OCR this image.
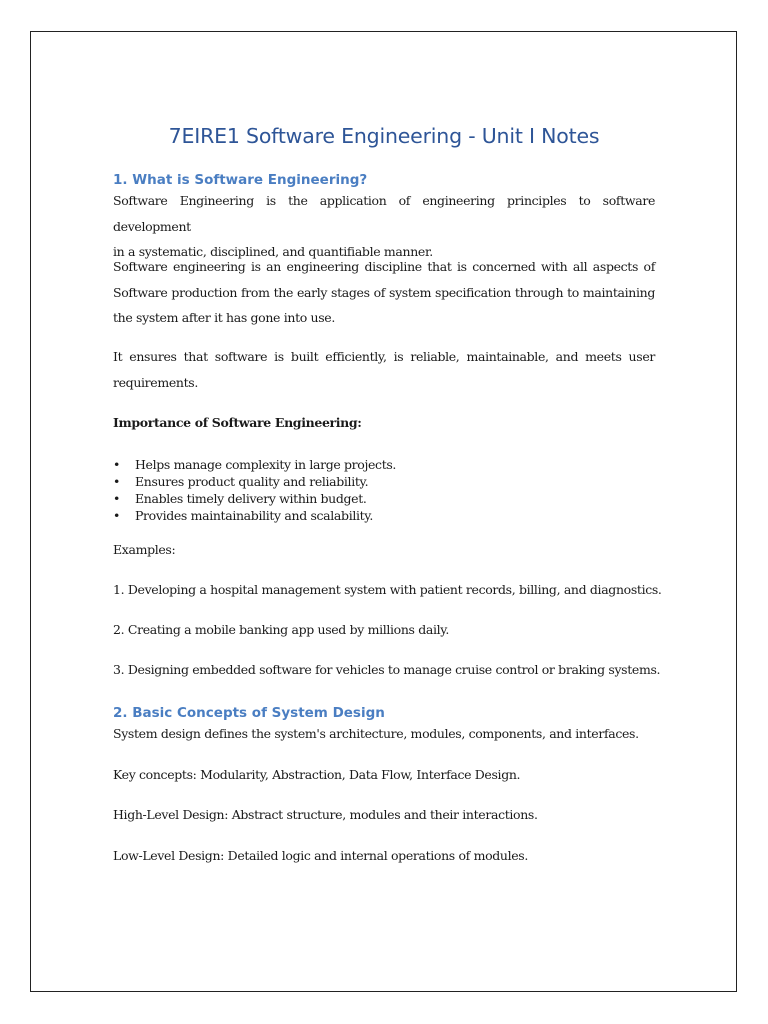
7EIRE1 Software Engineering - Unit I Notes
1. What is Software Engineering?
Software Engineering is the application of engineering principles to software development
in a systematic, disciplined, and quantifiable manner.
Software engineering is an engineering discipline that is concerned with all aspects of
Software production from the early stages of system specification through to maintaining
the system after it has gone into use.
It ensures that software is built efficiently, is reliable, maintainable, and meets user
requirements.
Importance of Software Engineering:
• Helps manage complexity in large projects.
• Ensures product quality and reliability.
• Enables timely delivery within budget.
• Provides maintainability and scalability.
Examples:
1. Developing a hospital management system with patient records, billing, and diagnostics.
2. Creating a mobile banking app used by millions daily.
3. Designing embedded software for vehicles to manage cruise control or braking systems.
2. Basic Concepts of System Design
System design defines the system's architecture, modules, components, and interfaces.
Key concepts: Modularity, Abstraction, Data Flow, Interface Design.
High-Level Design: Abstract structure, modules and their interactions.
Low-Level Design: Detailed logic and internal operations of modules.
